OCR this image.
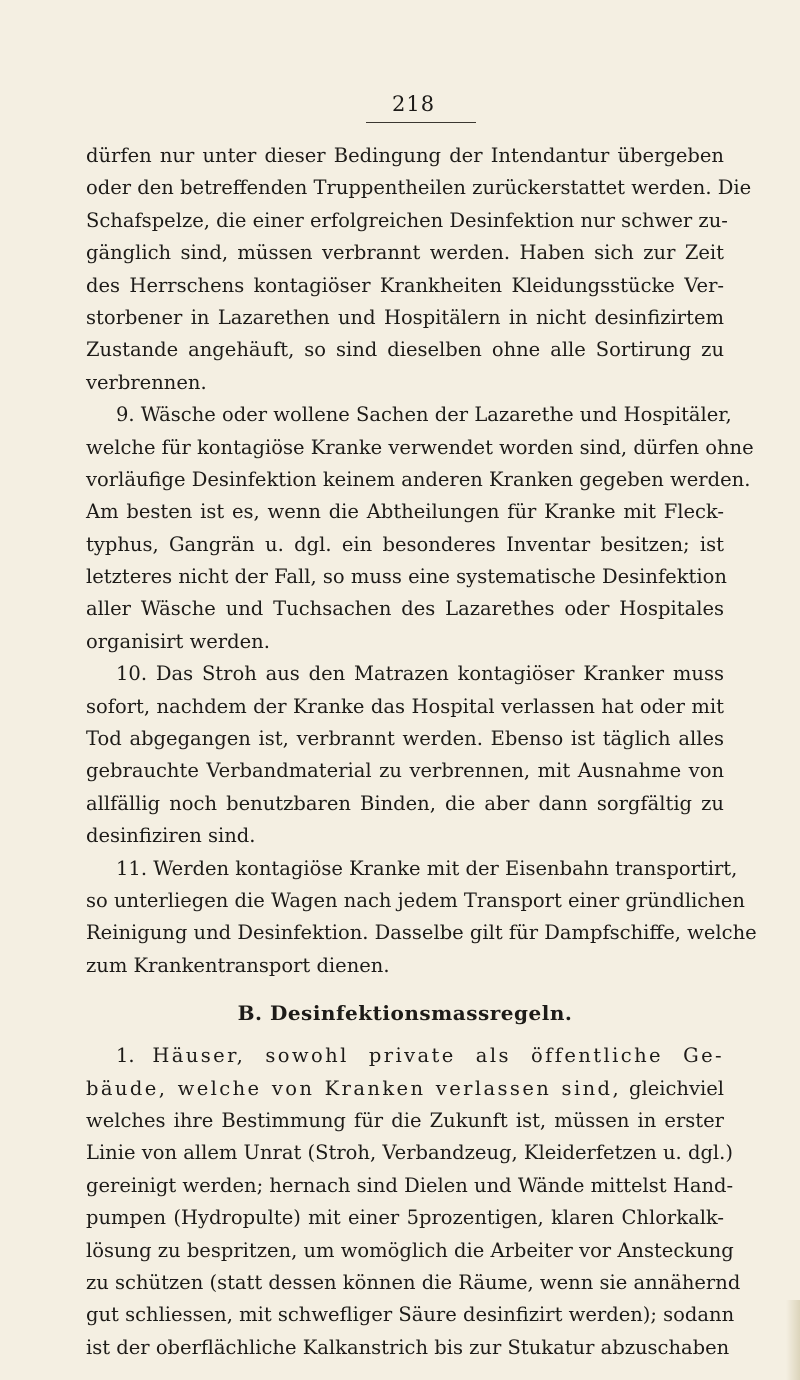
218
dürfen nur unter dieser Bedingung der Intendantur übergeben
oder den betreffenden Truppentheilen zurückerstattet werden. Die
Schafspelze, die einer erfolgreichen Desinfektion nur schwer zu-
gänglich sind, müssen verbrannt werden. Haben sich zur Zeit
des Herrschens kontagiöser Krankheiten Kleidungsstücke Ver-
storbener in Lazarethen und Hospitälern in nicht desinfizirtem
Zustande angehäuft, so sind dieselben ohne alle Sortirung zu
verbrennen.
9. Wäsche oder wollene Sachen der Lazarethe und Hospitäler,
welche für kontagiöse Kranke verwendet worden sind, dürfen ohne
vorläufige Desinfektion keinem anderen Kranken gegeben werden.
Am besten ist es, wenn die Abtheilungen für Kranke mit Fleck-
typhus, Gangrän u. dgl. ein besonderes Inventar besitzen; ist
letzteres nicht der Fall, so muss eine systematische Desinfektion
aller Wäsche und Tuchsachen des Lazarethes oder Hospitales
organisirt werden.
10. Das Stroh aus den Matrazen kontagiöser Kranker muss
sofort, nachdem der Kranke das Hospital verlassen hat oder mit
Tod abgegangen ist, verbrannt werden. Ebenso ist täglich alles
gebrauchte Verbandmaterial zu verbrennen, mit Ausnahme von
allfällig noch benutzbaren Binden, die aber dann sorgfältig zu
desinfiziren sind.
11. Werden kontagiöse Kranke mit der Eisenbahn transportirt,
so unterliegen die Wagen nach jedem Transport einer gründlichen
Reinigung und Desinfektion. Dasselbe gilt für Dampfschiffe, welche
zum Krankentransport dienen.
B. Desinfektionsmassregeln.
1. Häuser, sowohl private als öffentliche Ge-
bäude, welche von Kranken verlassen sind, gleichviel
welches ihre Bestimmung für die Zukunft ist, müssen in erster
Linie von allem Unrat (Stroh, Verbandzeug, Kleiderfetzen u. dgl.)
gereinigt werden; hernach sind Dielen und Wände mittelst Hand-
pumpen (Hydropulte) mit einer 5prozentigen, klaren Chlorkalk-
lösung zu bespritzen, um womöglich die Arbeiter vor Ansteckung
zu schützen (statt dessen können die Räume, wenn sie annähernd
gut schliessen, mit schwefliger Säure desinfizirt werden); sodann
ist der oberflächliche Kalkanstrich bis zur Stukatur abzuschaben
